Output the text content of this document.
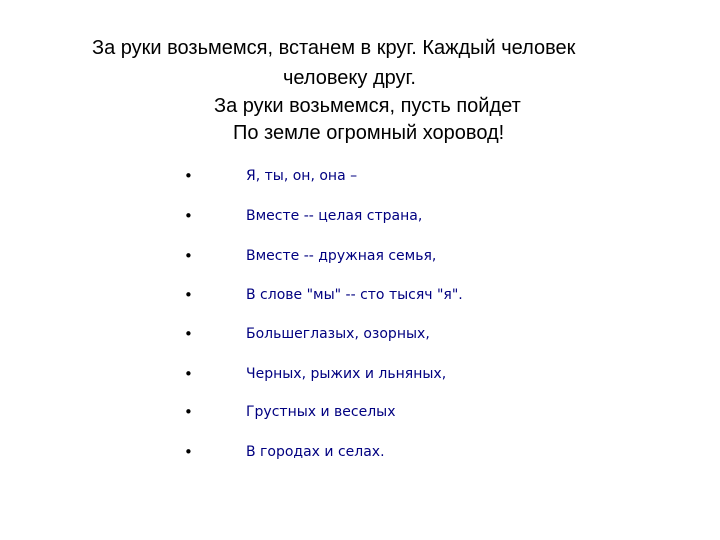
За руки возьмемся, встанем в круг. Каждый человек
человеку друг.
За руки возьмемся, пусть пойдет
По земле огромный хоровод!
•	Я, ты, он, она –
•	Вместе -- целая страна,
•	Вместе -- дружная семья,
•	В слове "мы" -- сто тысяч "я".
•	Большеглазых, озорных,
•	Черных, рыжих и льняных,
•	Грустных и веселых
•	В городах и селах.
